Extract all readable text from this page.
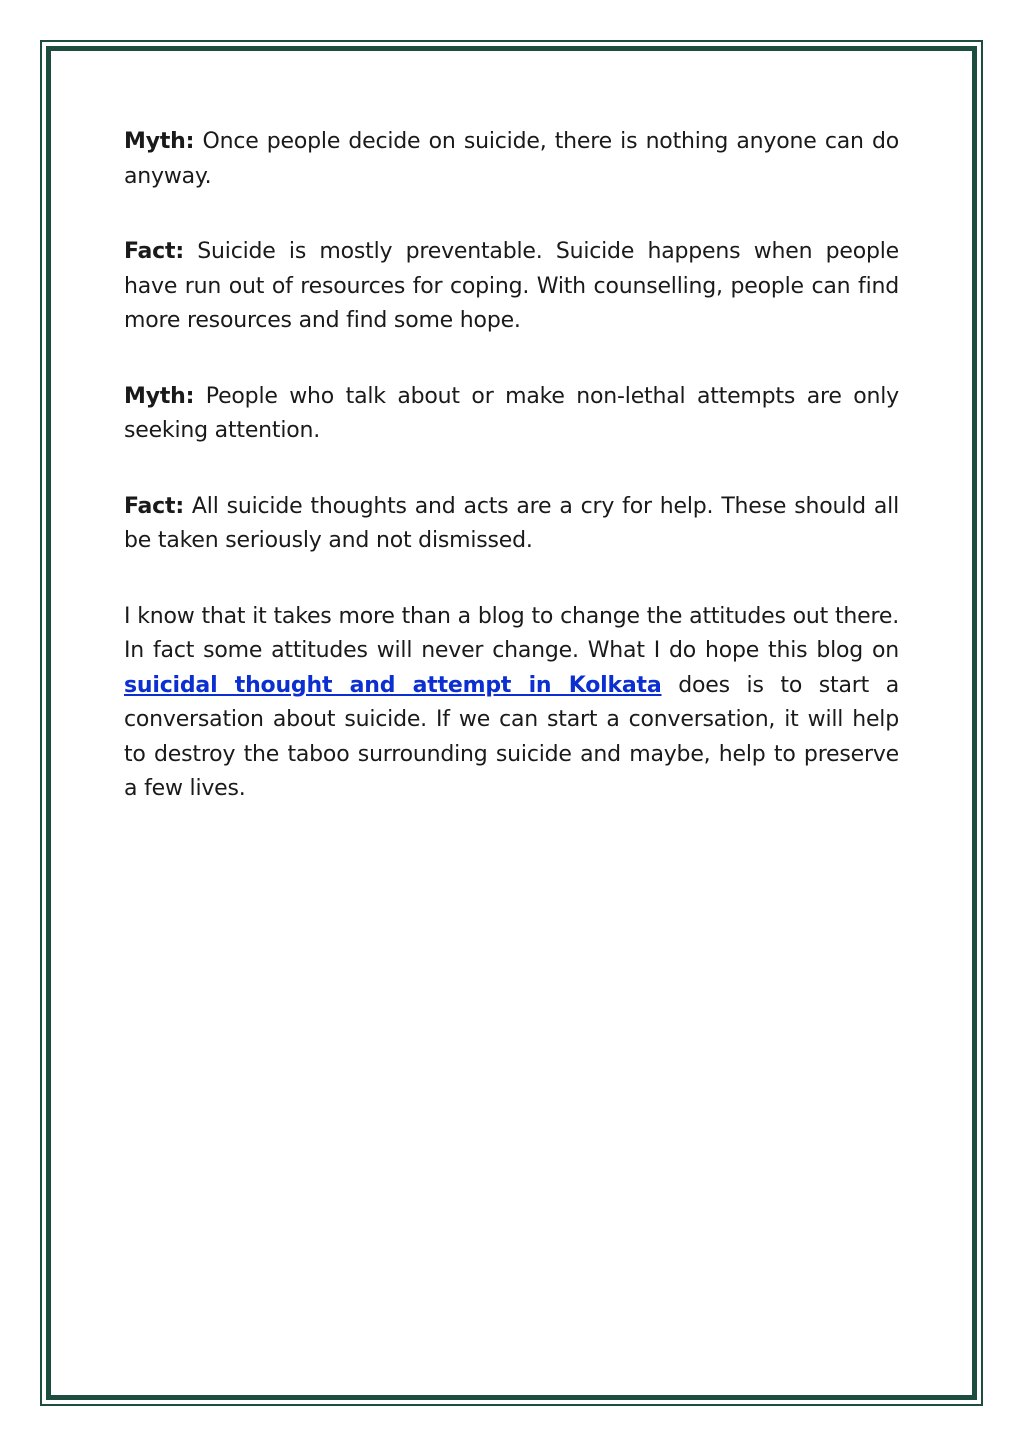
Myth: Once people decide on suicide, there is nothing anyone can do anyway.

Fact: Suicide is mostly preventable. Suicide happens when people have run out of resources for coping. With counselling, people can find more resources and find some hope.

Myth: People who talk about or make non-lethal attempts are only seeking attention.

Fact: All suicide thoughts and acts are a cry for help. These should all be taken seriously and not dismissed.

I know that it takes more than a blog to change the attitudes out there. In fact some attitudes will never change. What I do hope this blog on suicidal thought and attempt in Kolkata does is to start a conversation about suicide. If we can start a conversation, it will help to destroy the taboo surrounding suicide and maybe, help to preserve a few lives.
